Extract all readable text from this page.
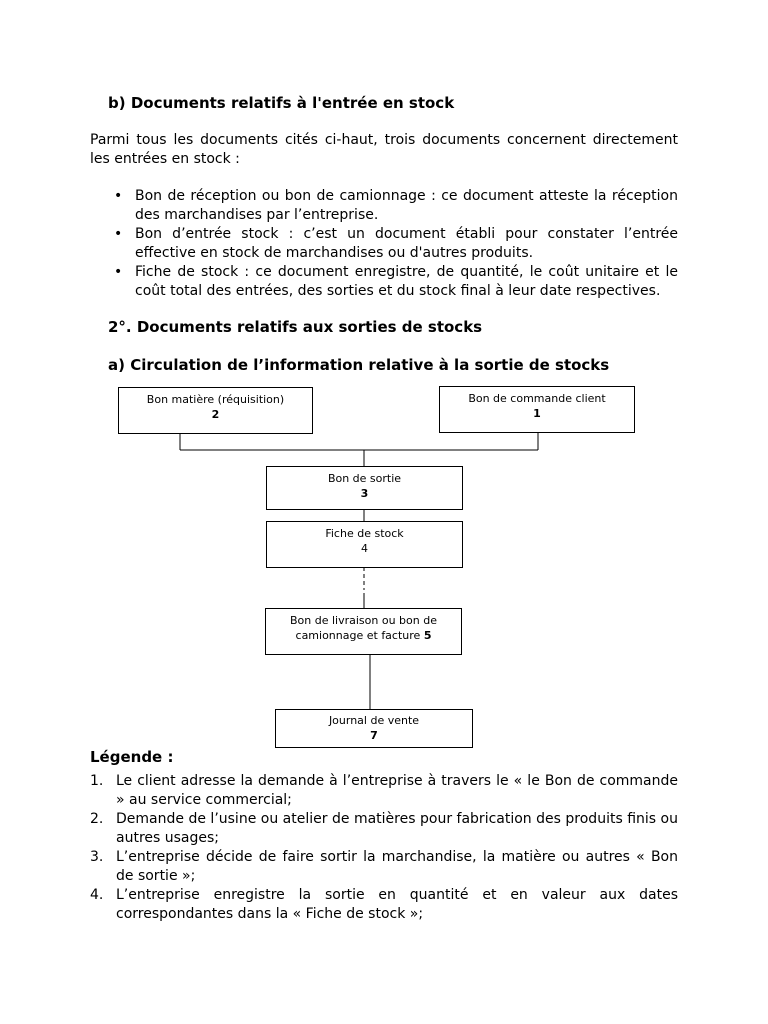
b) Documents relatifs à l'entrée en stock
Parmi tous les documents cités ci-haut, trois documents concernent directement les entrées en stock :
• Bon de réception ou bon de camionnage : ce document atteste la réception des marchandises par l’entreprise.
• Bon d’entrée stock : c’est un document établi pour constater l’entrée effective en stock de marchandises ou d'autres produits.
• Fiche de stock : ce document enregistre, de quantité, le coût unitaire et le coût total des entrées, des sorties et du stock final à leur date respectives.
2°. Documents relatifs aux sorties de stocks
a) Circulation de l’information relative à la sortie de stocks
Bon matière (réquisition)
2
Bon de commande client
1
Bon de sortie
3
Fiche de stock
4
Bon de livraison ou bon de
camionnage et facture 5
Journal de vente
7
Légende :
1. Le client adresse la demande à l’entreprise à travers le « le Bon de commande » au service commercial;
2. Demande de l’usine ou atelier de matières pour fabrication des produits finis ou autres usages;
3. L’entreprise décide de faire sortir la marchandise, la matière ou autres « Bon de sortie »;
4. L’entreprise enregistre la sortie en quantité et en valeur aux dates correspondantes dans la « Fiche de stock »;
